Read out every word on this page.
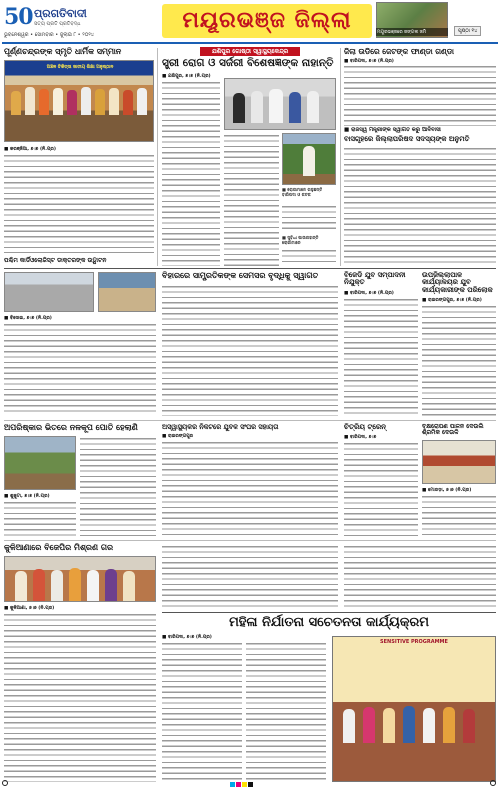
50 ପ୍ରଗତିବାଦୀ
ସତ୍ୟ ପ୍ରତି ପ୍ରତିବଦ୍ଧ
ଭୁବନେଶ୍ୱର • ସୋମବାର • ଜୁଲାଇ ୮ • ୨୦୨୪
ମୟୂରଭଞ୍ଜ ଜିଲ୍ଲା	ମୟୂରଭଞ୍ଜରେ ଜଙ୍ଗଲ ଜମି	ପୃଷ୍ଠା ୧୪
ପୂର୍ଣ୍ଣଚନ୍ଦ୍ରଙ୍କ ସ୍ମୃତି ଧାର୍ମିକ ସମ୍ମାନ
ଅଞ୍ଚଳ ଚିକିତ୍ସା ଜାତୀୟ ଶିକ୍ଷା ଅନୁଷ୍ଠାନ
■ କରଞ୍ଜିଆ, ୭।୭ (ନି.ପ୍ର)
ପଶ୍ଚିମ କାର୍ଡିଓଲୋଜିସ୍ଟ ଡାକ୍ତରଙ୍କ ଉଦ୍ଘାଟନ
ଯଶିପୁର ଗୋଷ୍ଠୀ ସ୍ୱାସ୍ଥ୍ୟକେନ୍ଦ୍ର
ସ୍ତ୍ରୀ ରୋଗ ଓ ସର୍ଜରୀ ବିଶେଷଜ୍ଞଙ୍କ ନାହାନ୍ତି
■ ଯଶିପୁର, ୭।୭ (ନି.ପ୍ର)
■ ରୋଗୀମାନେ ଗଳୁଛନ୍ତି ବାରିପଦା ଓ କଟକ
■ ସୁବିଧା ପାଉନାହାନ୍ତି ରୋଗୀମାନେ
ଜିଲା ଉଡିରେ ଜେଟଙ୍କ ଫାଣ୍ଡା ଗଣ୍ଡା
■ ବାରିପଦା, ୭।୭ (ନି.ପ୍ର)
■ ରାଜସ୍ୱ ମନ୍ତ୍ରୀଙ୍କ ସ୍ୱାଗତ କରୁ ଆଦିବାସୀ
ବାସଗୃହରେ ଜିଲ୍ଲାପରିଷଦ ସଦସ୍ୟଙ୍କ ଅନୁମତି
■ ବିସୋଇ, ୭।୭ (ନି.ପ୍ର)
ବିହାରରେ ସାମ୍ପ୍ରତିକଙ୍କ ସେମସର ବୃଦ୍ଧିକୁ ସ୍ୱାଗତ	ବିଜେଡି ଯୁବ ସମ୍ପାଦନୀ ନିଯୁକ୍ତ
■ ବାରିପଦା, ୭।୭ (ନି.ପ୍ର)
ଉପଜିଲ୍ଲାପାଳ କାର୍ଯ୍ୟାଳୟର ଯୁବ କାର୍ଯ୍ୟକାରୀଙ୍କ ପରିଲୋକ
■ ରାଇରଙ୍ଗପୁର, ୭।୭ (ନି.ପ୍ର)
ଅପରିଷ୍କାର ଭିତରେ ନଳକୂପ ପୋତି ହେଲାଣି
■ ଶୁକୁଟା, ୭।୭ (ନି.ପ୍ର)
ଅସ୍ୱାସ୍ଥ୍ୟକର ନିକଟରେ ଯୁବକ ସଂଘର ସହାୟତା
■ ରାଇରଙ୍ଗପୁର
ଚିତ୍ରିୟ ଟ୍ରେନ୍
■ ବାରିପଦା, ୭।୭
ବୃକ୍ଷରୋପଣ ପାଳନ ଦେଉଲି ଶ୍ରମିକ ଦେଉଳି
■ ମୋରଡ଼ା, ୭।୭ (ନି.ପ୍ର)
କୁଳିଆଣାରେ ବିଜେପିର ମିଶ୍ରଣ ଗର
■ କୁଳିଆଣା, ୭।୭ (ନି.ପ୍ର)
ମହିଳା ନିର୍ଯାତନା ସଚେତନତା କାର୍ଯ୍ୟକ୍ରମ
■ ବାରିପଦା, ୭।୭ (ନି.ପ୍ର)
SENSITIVE PROGRAMME
